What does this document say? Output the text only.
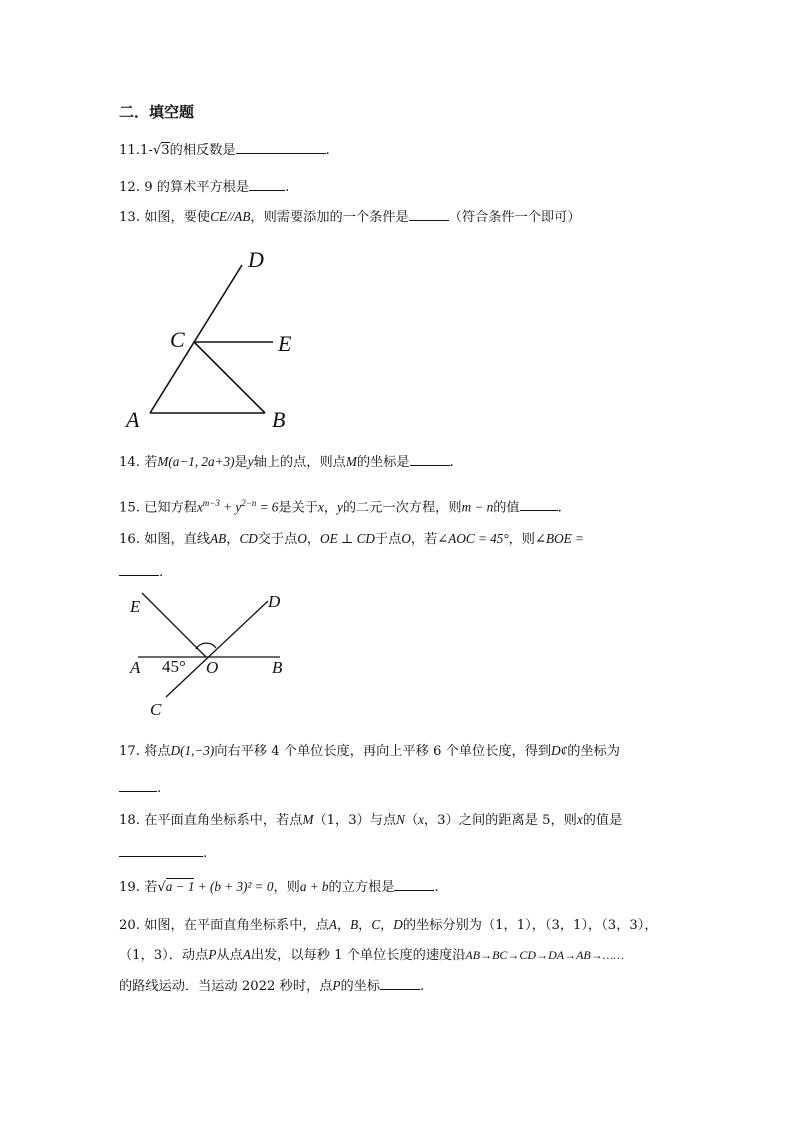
二．填空题
11.1-√3的相反数是	.
12. 9 的算术平方根是	.
13. 如图，要使CE//AB，则需要添加的一个条件是	（符合条件一个即可）
D
C	E
A	B
14. 若M(a−1, 2a+3)是y轴上的点，则点M的坐标是	.
15. 已知方程$x^{m-3} + y^{2-n} = 6$是关于x，y的二元一次方程，则m − n的值	.
16. 如图，直线AB，CD交于点O，OE ⊥ CD于点O，若∠AOC = 45°，则∠BOE =
.
E	D
A 45° O	B
C
17. 将点D(1,−3)向右平移 4 个单位长度，再向上平移 6 个单位长度，得到D¢的坐标为
.
18. 在平面直角坐标系中，若点M（1，3）与点N（x，3）之间的距离是 5，则x的值是
.
19. 若√a − 1 + (b + 3)² = 0，则a + b的立方根是	.
20. 如图，在平面直角坐标系中，点A，B，C，D的坐标分别为（1，1），（3，1），（3，3），
（1，3）．动点P从点A出发，以每秒 1 个单位长度的速度沿AB→BC→CD→DA→AB→……
的路线运动．当运动 2022 秒时，点P的坐标	.
